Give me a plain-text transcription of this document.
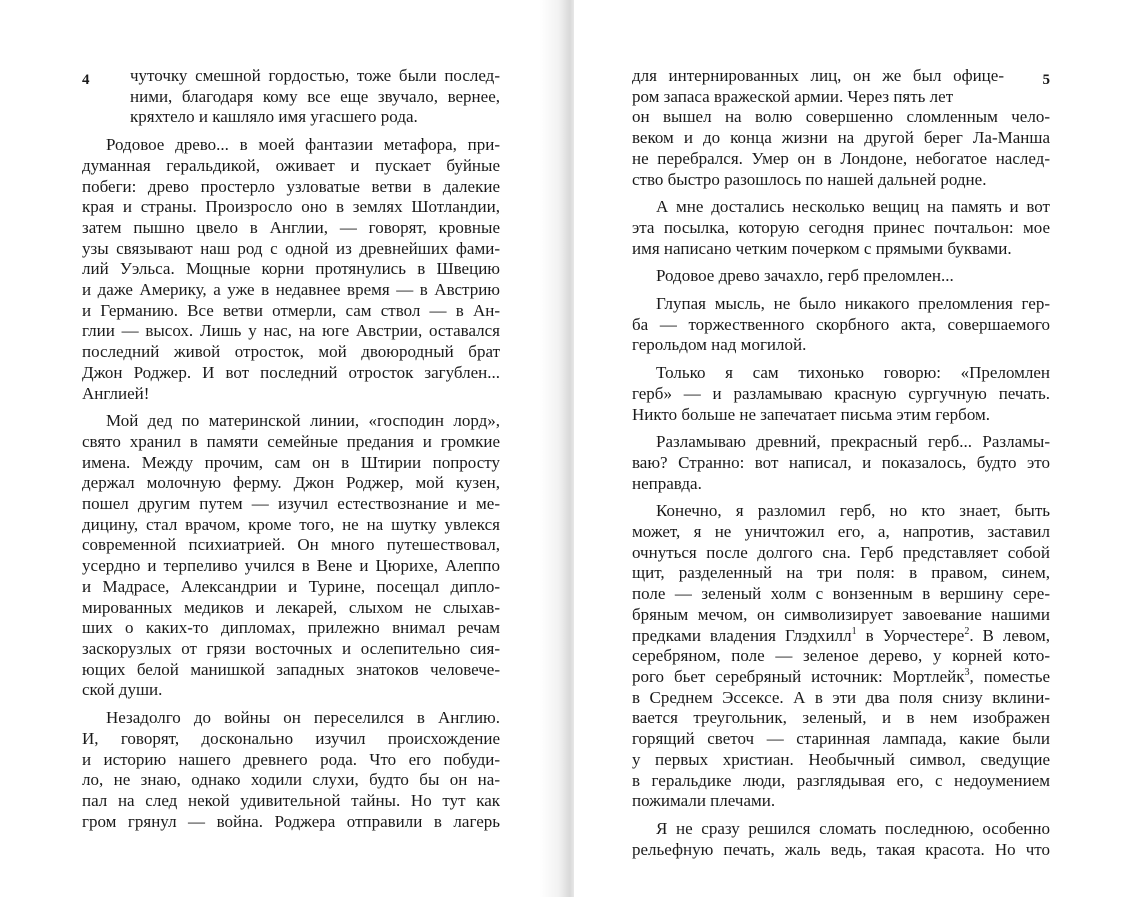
4	чуточку смешной гордостью, тоже были послед-
ними, благодаря кому все еще звучало, вернее,
кряхтело и кашляло имя угасшего рода.
Родовое древо... в моей фантазии метафора, при-
думанная геральдикой, оживает и пускает буйные
побеги: древо простерло узловатые ветви в далекие
края и страны. Произросло оно в землях Шотландии,
затем пышно цвело в Англии, — говорят, кровные
узы связывают наш род с одной из древнейших фами-
лий Уэльса. Мощные корни протянулись в Швецию
и даже Америку, а уже в недавнее время — в Австрию
и Германию. Все ветви отмерли, сам ствол — в Ан-
глии — высох. Лишь у нас, на юге Австрии, оставался
последний живой отросток, мой двоюродный брат
Джон Роджер. И вот последний отросток загублен...
Англией!
Мой дед по материнской линии, «господин лорд»,
свято хранил в памяти семейные предания и громкие
имена. Между прочим, сам он в Штирии попросту
держал молочную ферму. Джон Роджер, мой кузен,
пошел другим путем — изучил естествознание и ме-
дицину, стал врачом, кроме того, не на шутку увлекся
современной психиатрией. Он много путешествовал,
усердно и терпеливо учился в Вене и Цюрихе, Алеппо
и Мадрасе, Александрии и Турине, посещал дипло-
мированных медиков и лекарей, слыхом не слыхав-
ших о каких-то дипломах, прилежно внимал речам
заскорузлых от грязи восточных и ослепительно сия-
ющих белой манишкой западных знатоков человече-
ской души.
Незадолго до войны он переселился в Англию.
И, говорят, досконально изучил происхождение
и историю нашего древнего рода. Что его побуди-
ло, не знаю, однако ходили слухи, будто бы он на-
пал на след некой удивительной тайны. Но тут как
гром грянул — война. Роджера отправили в лагерь
5
для интернированных лиц, он же был офице-
ром запаса вражеской армии. Через пять лет
он вышел на волю совершенно сломленным чело-
веком и до конца жизни на другой берег Ла-Манша
не перебрался. Умер он в Лондоне, небогатое наслед-
ство быстро разошлось по нашей дальней родне.
А мне достались несколько вещиц на память и вот
эта посылка, которую сегодня принес почтальон: мое
имя написано четким почерком с прямыми буквами.
Родовое древо зачахло, герб преломлен...
Глупая мысль, не было никакого преломления гер-
ба — торжественного скорбного акта, совершаемого
герольдом над могилой.
Только я сам тихонько говорю: «Преломлен
герб» — и разламываю красную сургучную печать.
Никто больше не запечатает письма этим гербом.
Разламываю древний, прекрасный герб... Разламы-
ваю? Странно: вот написал, и показалось, будто это
неправда.
Конечно, я разломил герб, но кто знает, быть
может, я не уничтожил его, а, напротив, заставил
очнуться после долгого сна. Герб представляет собой
щит, разделенный на три поля: в правом, синем,
поле — зеленый холм с вонзенным в вершину сере-
бряным мечом, он символизирует завоевание нашими
предками владения Глэдхилл$^1$ в Уорчестере$^2$. В левом,
серебряном, поле — зеленое дерево, у корней кото-
рого бьет серебряный источник: Мортлейк$^3$, поместье
в Среднем Эссексе. А в эти два поля снизу вклини-
вается треугольник, зеленый, и в нем изображен
горящий светоч — старинная лампада, какие были
у первых христиан. Необычный символ, сведущие
в геральдике люди, разглядывая его, с недоумением
пожимали плечами.
Я не сразу решился сломать последнюю, особенно
рельефную печать, жаль ведь, такая красота. Но что
